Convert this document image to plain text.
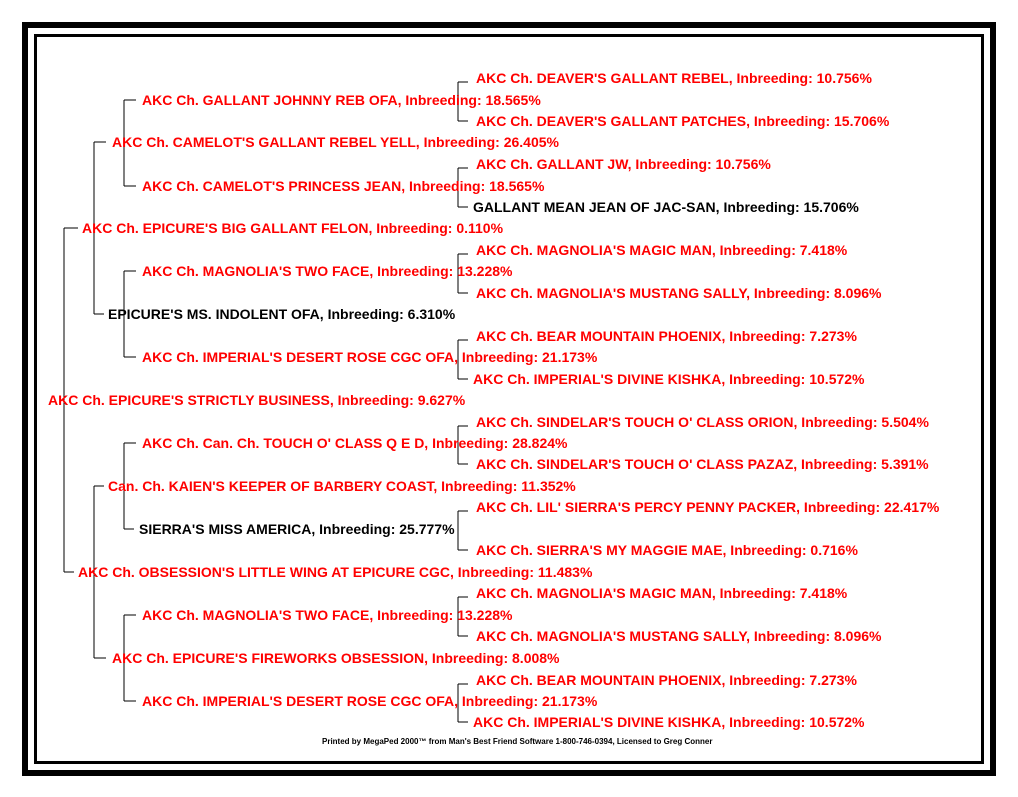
AKC Ch. DEAVER'S GALLANT REBEL, Inbreeding: 10.756%
AKC Ch. GALLANT JOHNNY REB OFA, Inbreeding: 18.565%
AKC Ch. DEAVER'S GALLANT PATCHES, Inbreeding: 15.706%
AKC Ch. CAMELOT'S GALLANT REBEL YELL, Inbreeding: 26.405%
AKC Ch. GALLANT JW, Inbreeding: 10.756%
AKC Ch. CAMELOT'S PRINCESS JEAN, Inbreeding: 18.565%
GALLANT MEAN JEAN OF JAC-SAN, Inbreeding: 15.706%
AKC Ch. EPICURE'S BIG GALLANT FELON, Inbreeding: 0.110%
AKC Ch. MAGNOLIA'S MAGIC MAN, Inbreeding: 7.418%
AKC Ch. MAGNOLIA'S TWO FACE, Inbreeding: 13.228%
AKC Ch. MAGNOLIA'S MUSTANG SALLY, Inbreeding: 8.096%
EPICURE'S MS. INDOLENT OFA, Inbreeding: 6.310%
AKC Ch. BEAR MOUNTAIN PHOENIX, Inbreeding: 7.273%
AKC Ch. IMPERIAL'S DESERT ROSE CGC OFA, Inbreeding: 21.173%
AKC Ch. IMPERIAL'S DIVINE KISHKA, Inbreeding: 10.572%
AKC Ch. EPICURE'S STRICTLY BUSINESS, Inbreeding: 9.627%
AKC Ch. SINDELAR'S TOUCH O' CLASS ORION, Inbreeding: 5.504%
AKC Ch. Can. Ch. TOUCH O' CLASS Q E D, Inbreeding: 28.824%
AKC Ch. SINDELAR'S TOUCH O' CLASS PAZAZ, Inbreeding: 5.391%
Can. Ch. KAIEN'S KEEPER OF BARBERY COAST, Inbreeding: 11.352%
AKC Ch. LIL' SIERRA'S PERCY PENNY PACKER, Inbreeding: 22.417%
SIERRA'S MISS AMERICA, Inbreeding: 25.777%
AKC Ch. SIERRA'S MY MAGGIE MAE, Inbreeding: 0.716%
AKC Ch. OBSESSION'S LITTLE WING AT EPICURE CGC, Inbreeding: 11.483%
AKC Ch. MAGNOLIA'S MAGIC MAN, Inbreeding: 7.418%
AKC Ch. MAGNOLIA'S TWO FACE, Inbreeding: 13.228%
AKC Ch. MAGNOLIA'S MUSTANG SALLY, Inbreeding: 8.096%
AKC Ch. EPICURE'S FIREWORKS OBSESSION, Inbreeding: 8.008%
AKC Ch. BEAR MOUNTAIN PHOENIX, Inbreeding: 7.273%
AKC Ch. IMPERIAL'S DESERT ROSE CGC OFA, Inbreeding: 21.173%
AKC Ch. IMPERIAL'S DIVINE KISHKA, Inbreeding: 10.572%
Printed by MegaPed 2000™ from Man's Best Friend Software 1-800-746-0394, Licensed to Greg Conner
